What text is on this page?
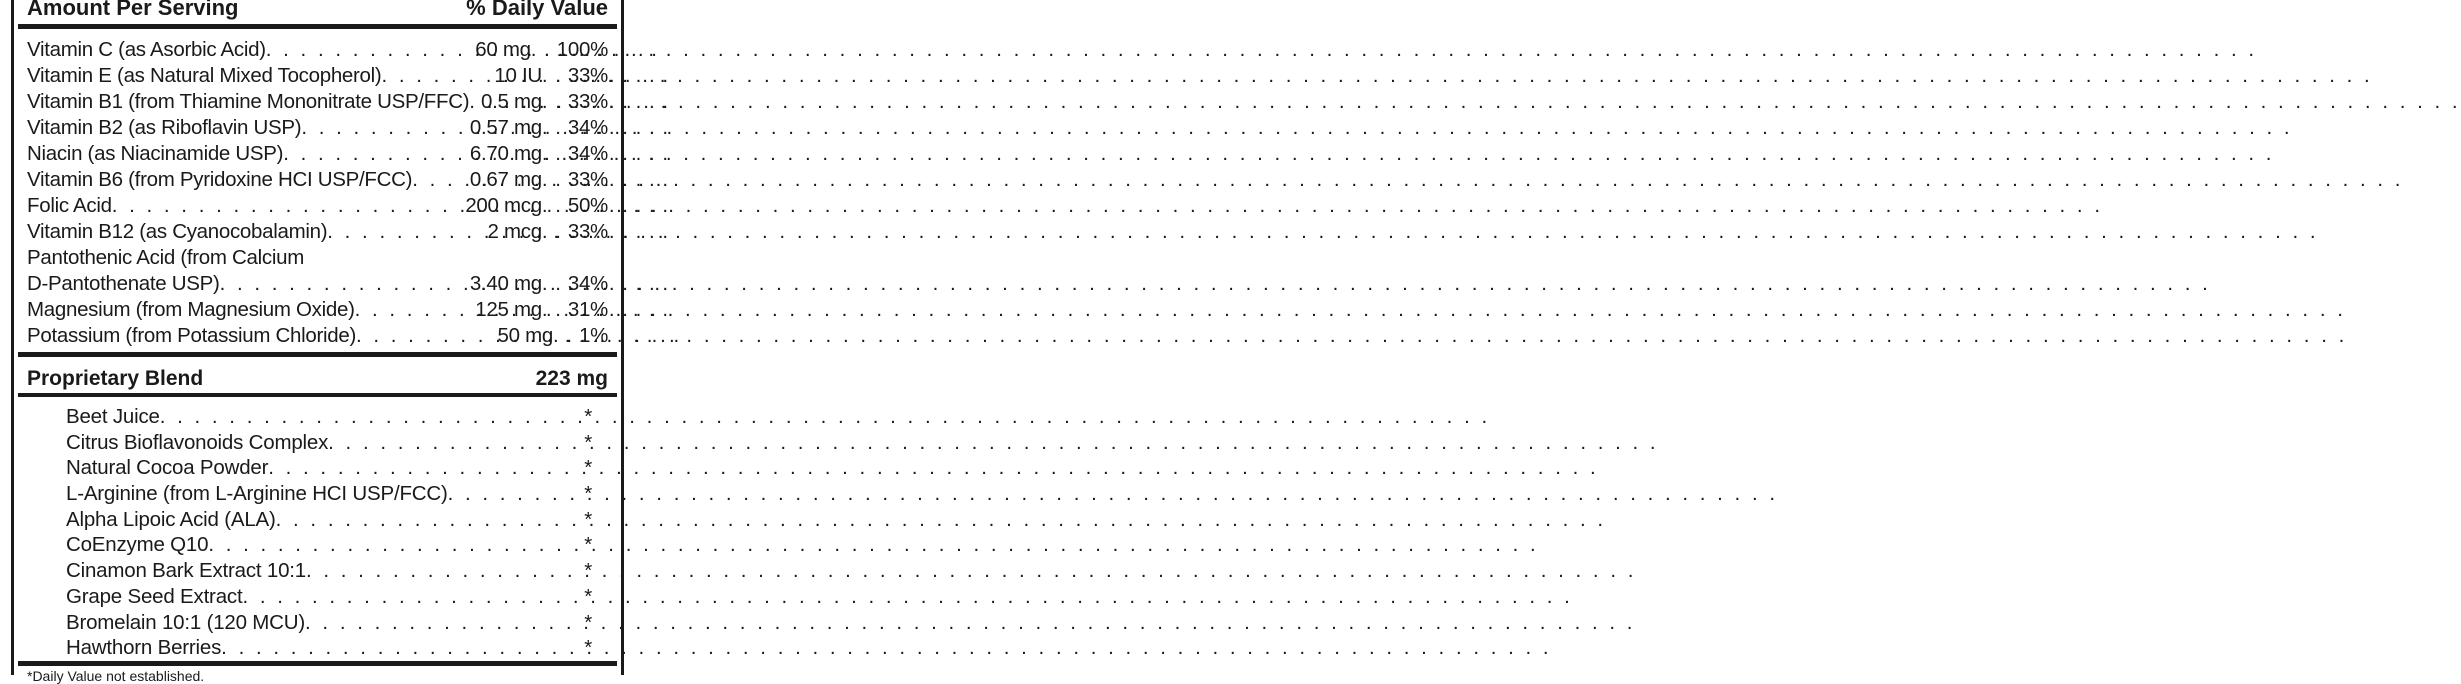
Amount Per Serving	% Daily Value
Vitamin C (as Asorbic Acid) . . .	60 mg . . . 100%
Vitamin E (as Natural Mixed Tocopherol) . . .	10 IU . . . 33%
Vitamin B1 (from Thiamine Mononitrate USP/FFC) . . . 0.5 mg . . . 33%
Vitamin B2 (as Riboflavin USP) . . .	0.57 mg . . . 34%
Niacin (as Niacinamide USP) . . .	6.70 mg . . . 34%
Vitamin B6 (from Pyridoxine HCI USP/FCC) . . .	0.67 mg . . . 33%
Folic Acid . . .	200 mcg . . . 50%
Vitamin B12 (as Cyanocobalamin) . . .	2 mcg . . . 33%
Pantothenic Acid (from Calcium
D-Pantothenate USP) . . .	3.40 mg . . . 34%
Magnesium (from Magnesium Oxide) . . .	125 mg . . . 31%
Potassium (from Potassium Chloride) . . .	50 mg . . . 1%
Proprietary Blend	223 mg
Beet Juice . . .	*
Citrus Bioflavonoids Complex . . .	*
Natural Cocoa Powder . . .	*
L-Arginine (from L-Arginine HCI USP/FCC) . . .	*
Alpha Lipoic Acid (ALA) . . .	*
CoEnzyme Q10 . . .	*
Cinamon Bark Extract 10:1 . . .	*
Grape Seed Extract . . .	*
Bromelain 10:1 (120 MCU) . . .	*
Hawthorn Berries . . .	*
*Daily Value not established.
